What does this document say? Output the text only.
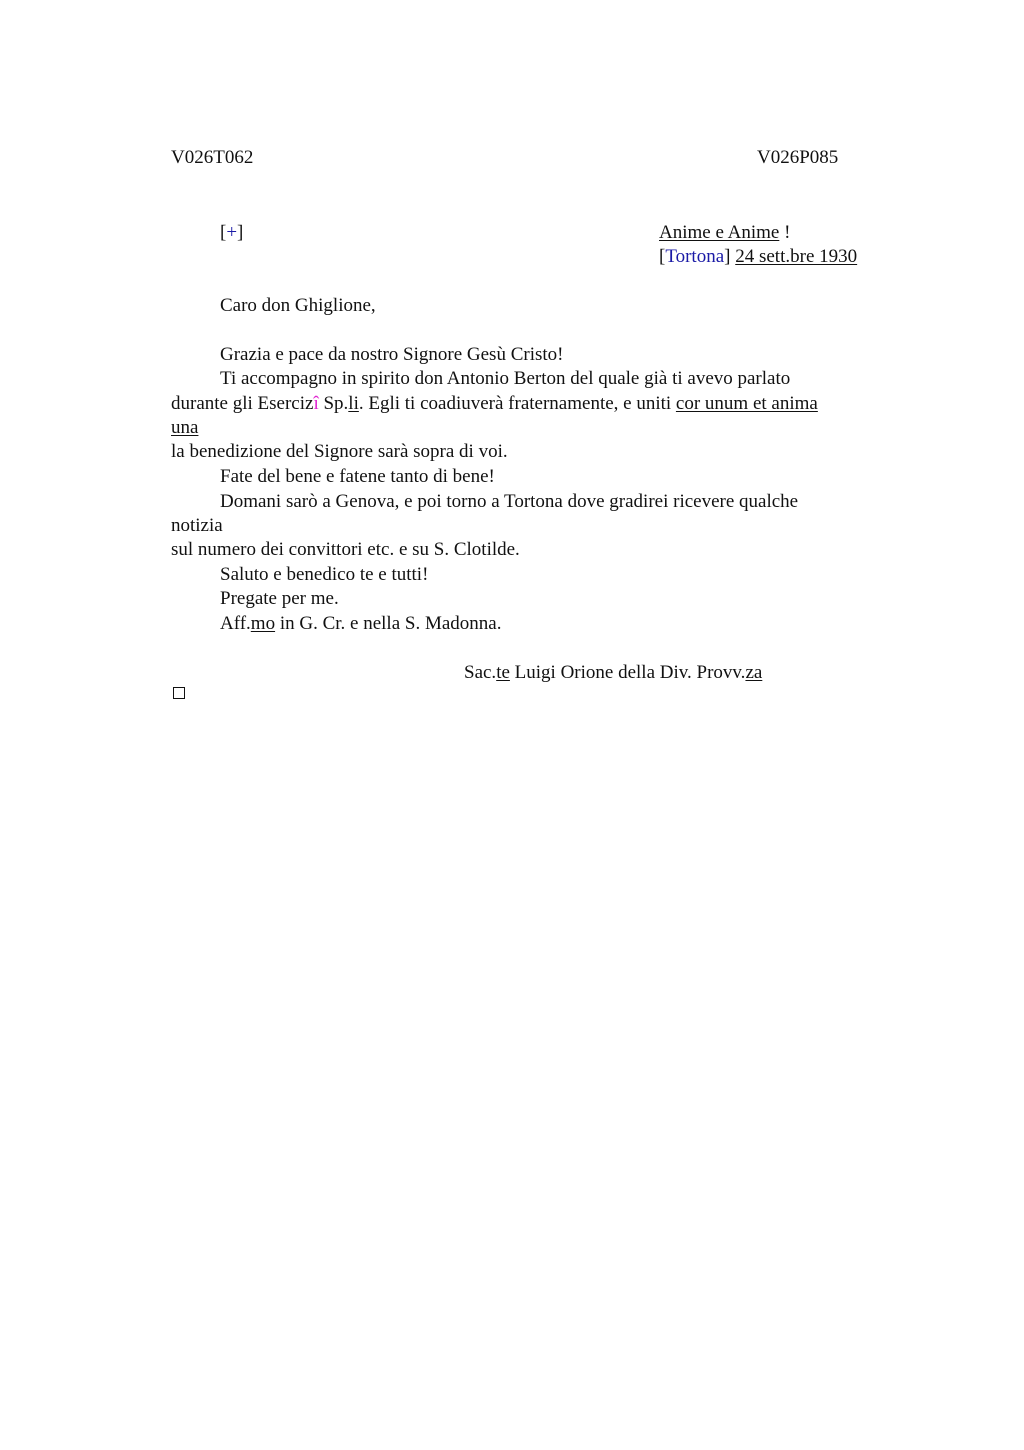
V026T062	V026P085
[+]	Anime e Anime !
[Tortona] 24 sett.bre 1930
Caro don Ghiglione,
Grazia e pace da nostro Signore Gesù Cristo!
Ti accompagno in spirito don Antonio Berton del quale già ti avevo parlato
durante gli Esercizî Sp.li. Egli ti coadiuverà fraternamente, e uniti cor unum et anima
una
la benedizione del Signore sarà sopra di voi.
Fate del bene e fatene tanto di bene!
Domani sarò a Genova, e poi torno a Tortona dove gradirei ricevere qualche
notizia
sul numero dei convittori etc. e su S. Clotilde.
Saluto e benedico te e tutti!
Pregate per me.
Aff.mo in G. Cr. e nella S. Madonna.
Sac.te Luigi Orione della Div. Provv.za
